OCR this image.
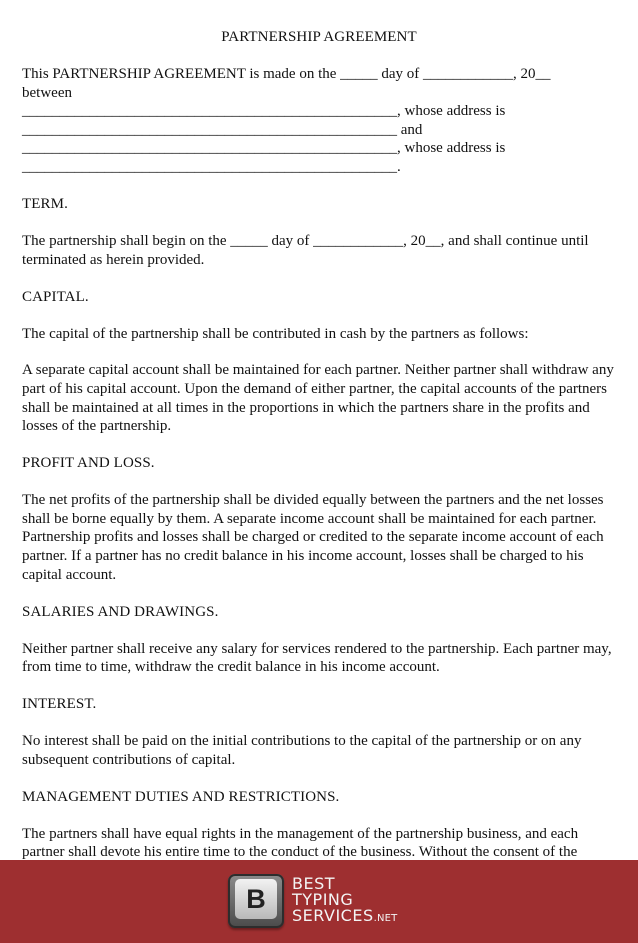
PARTNERSHIP AGREEMENT

This PARTNERSHIP AGREEMENT is made on the _____ day of ____________, 20__
between
__________________________________________________, whose address is
__________________________________________________ and
__________________________________________________, whose address is
__________________________________________________.

TERM.

The partnership shall begin on the _____ day of ____________, 20__, and shall continue until terminated as herein provided.

CAPITAL.

The capital of the partnership shall be contributed in cash by the partners as follows:

A separate capital account shall be maintained for each partner. Neither partner shall withdraw any part of his capital account. Upon the demand of either partner, the capital accounts of the partners shall be maintained at all times in the proportions in which the partners share in the profits and losses of the partnership.

PROFIT AND LOSS.

The net profits of the partnership shall be divided equally between the partners and the net losses shall be borne equally by them. A separate income account shall be maintained for each partner. Partnership profits and losses shall be charged or credited to the separate income account of each partner. If a partner has no credit balance in his income account, losses shall be charged to his capital account.

SALARIES AND DRAWINGS.

Neither partner shall receive any salary for services rendered to the partnership. Each partner may, from time to time, withdraw the credit balance in his income account.

INTEREST.

No interest shall be paid on the initial contributions to the capital of the partnership or on any subsequent contributions of capital.

MANAGEMENT DUTIES AND RESTRICTIONS.

The partners shall have equal rights in the management of the partnership business, and each partner shall devote his entire time to the conduct of the business. Without the consent of the

B
BEST
TYPING
SERVICES.NET
